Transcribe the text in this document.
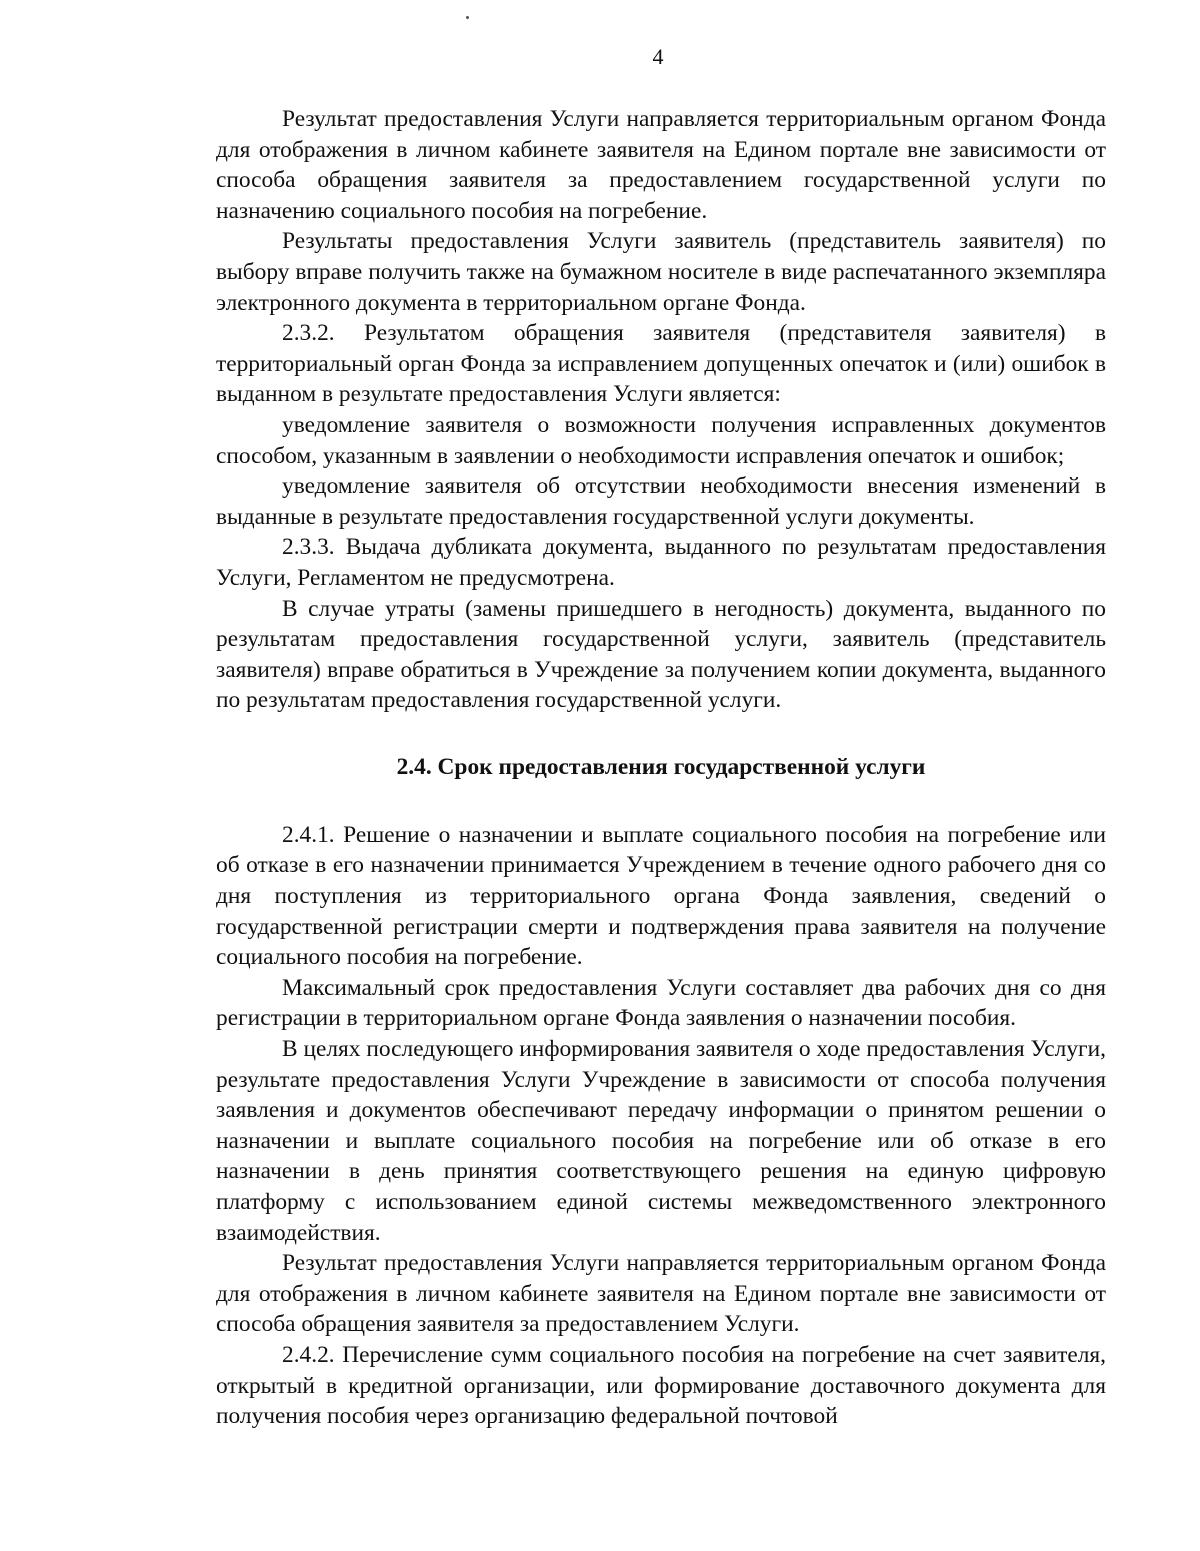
4

Результат предоставления Услуги направляется территориальным органом Фонда для отображения в личном кабинете заявителя на Едином портале вне зависимости от способа обращения заявителя за предоставлением государственной услуги по назначению социального пособия на погребение.

Результаты предоставления Услуги заявитель (представитель заявителя) по выбору вправе получить также на бумажном носителе в виде распечатанного экземпляра электронного документа в территориальном органе Фонда.

2.3.2. Результатом обращения заявителя (представителя заявителя) в территориальный орган Фонда за исправлением допущенных опечаток и (или) ошибок в выданном в результате предоставления Услуги является:

уведомление заявителя о возможности получения исправленных документов способом, указанным в заявлении о необходимости исправления опечаток и ошибок;

уведомление заявителя об отсутствии необходимости внесения изменений в выданные в результате предоставления государственной услуги документы.

2.3.3. Выдача дубликата документа, выданного по результатам предоставления Услуги, Регламентом не предусмотрена.

В случае утраты (замены пришедшего в негодность) документа, выданного по результатам предоставления государственной услуги, заявитель (представитель заявителя) вправе обратиться в Учреждение за получением копии документа, выданного по результатам предоставления государственной услуги.

2.4. Срок предоставления государственной услуги

2.4.1. Решение о назначении и выплате социального пособия на погребение или об отказе в его назначении принимается Учреждением в течение одного рабочего дня со дня поступления из территориального органа Фонда заявления, сведений о государственной регистрации смерти и подтверждения права заявителя на получение социального пособия на погребение.

Максимальный срок предоставления Услуги составляет два рабочих дня со дня регистрации в территориальном органе Фонда заявления о назначении пособия.

В целях последующего информирования заявителя о ходе предоставления Услуги, результате предоставления Услуги Учреждение в зависимости от способа получения заявления и документов обеспечивают передачу информации о принятом решении о назначении и выплате социального пособия на погребение или об отказе в его назначении в день принятия соответствующего решения на единую цифровую платформу с использованием единой системы межведомственного электронного взаимодействия.

Результат предоставления Услуги направляется территориальным органом Фонда для отображения в личном кабинете заявителя на Едином портале вне зависимости от способа обращения заявителя за предоставлением Услуги.

2.4.2. Перечисление сумм социального пособия на погребение на счет заявителя, открытый в кредитной организации, или формирование доставочного документа для получения пособия через организацию федеральной почтовой
